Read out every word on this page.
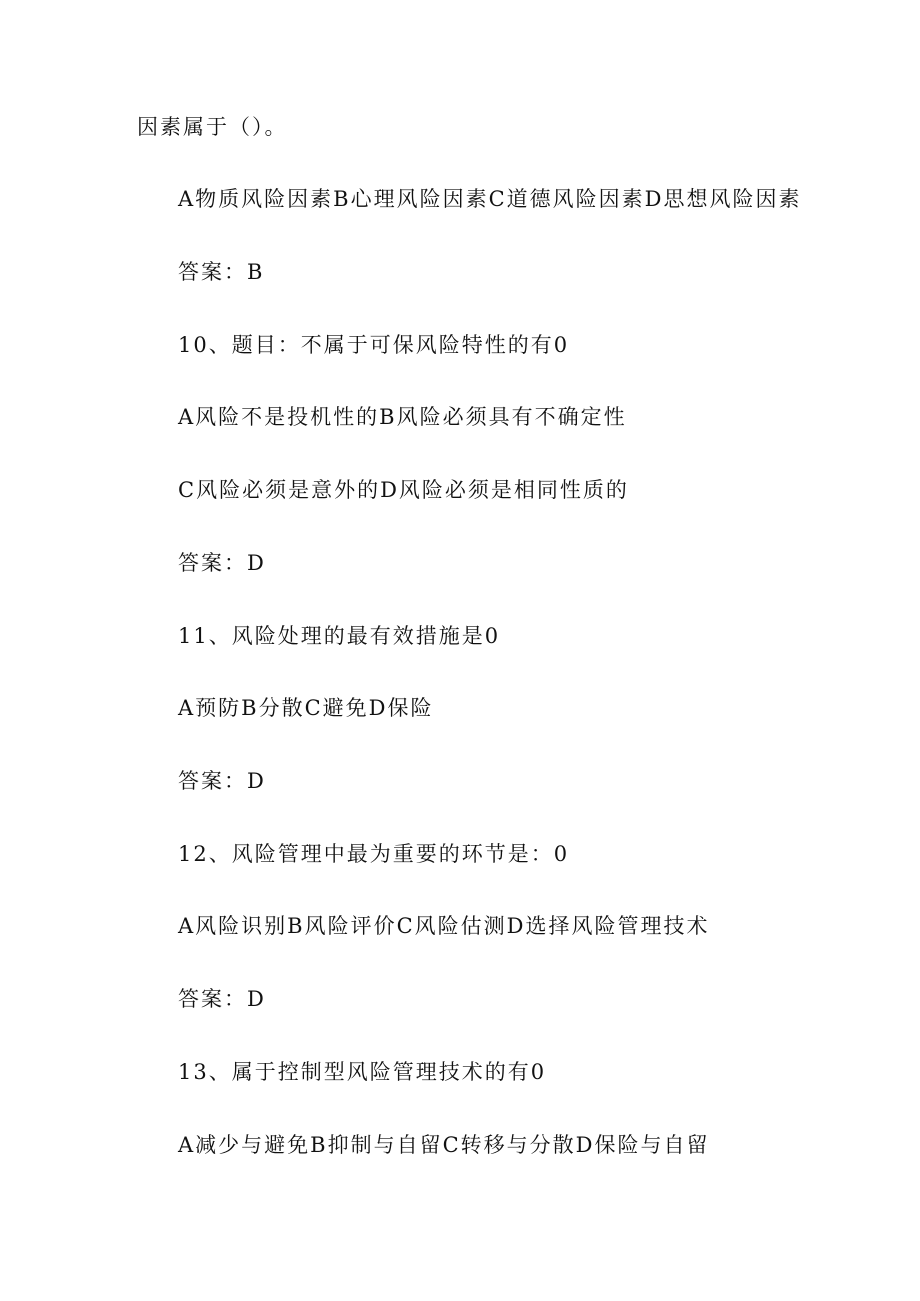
因素属于（）。
A物质风险因素B心理风险因素C道德风险因素D思想风险因素
答案：B
10、题目：不属于可保风险特性的有0
A风险不是投机性的B风险必须具有不确定性
C风险必须是意外的D风险必须是相同性质的
答案：D
11、风险处理的最有效措施是0
A预防B分散C避免D保险
答案：D
12、风险管理中最为重要的环节是：0
A风险识别B风险评价C风险估测D选择风险管理技术
答案：D
13、属于控制型风险管理技术的有0
A减少与避免B抑制与自留C转移与分散D保险与自留
